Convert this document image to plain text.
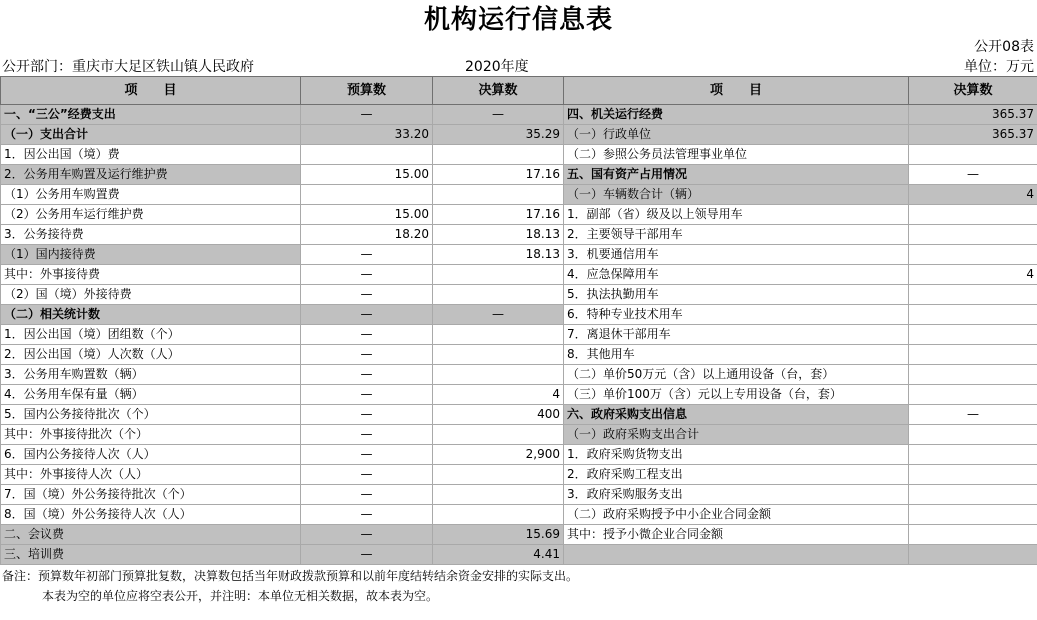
机构运行信息表
公开08表
公开部门：重庆市大足区铁山镇人民政府	2020年度	单位：万元
项　　目	预算数	决算数	项　　目	决算数
一、“三公”经费支出	—	—	四、机关运行经费	365.37
（一）支出合计	33.20	35.29	（一）行政单位	365.37
1．因公出国（境）费			（二）参照公务员法管理事业单位	
2．公务用车购置及运行维护费	15.00	17.16	五、国有资产占用情况	—
（1）公务用车购置费			（一）车辆数合计（辆）	4
（2）公务用车运行维护费	15.00	17.16	1．副部（省）级及以上领导用车	
3．公务接待费	18.20	18.13	2．主要领导干部用车	
（1）国内接待费	—	18.13	3．机要通信用车	
其中：外事接待费	—		4．应急保障用车	4
（2）国（境）外接待费	—		5．执法执勤用车	
（二）相关统计数	—	—	6．特种专业技术用车	
1．因公出国（境）团组数（个）	—		7．离退休干部用车	
2．因公出国（境）人次数（人）	—		8．其他用车	
3．公务用车购置数（辆）	—		（二）单价50万元（含）以上通用设备（台，套）	
4．公务用车保有量（辆）	—	4	（三）单价100万（含）元以上专用设备（台，套）	
5．国内公务接待批次（个）	—	400	六、政府采购支出信息	—
其中：外事接待批次（个）	—		（一）政府采购支出合计	
6．国内公务接待人次（人）	—	2,900	1．政府采购货物支出	
其中：外事接待人次（人）	—		2．政府采购工程支出	
7．国（境）外公务接待批次（个）	—		3．政府采购服务支出	
8．国（境）外公务接待人次（人）	—		（二）政府采购授予中小企业合同金额	
二、会议费	—	15.69	其中：授予小微企业合同金额	
三、培训费	—	4.41		
备注：预算数年初部门预算批复数，决算数包括当年财政拨款预算和以前年度结转结余资金安排的实际支出。
本表为空的单位应将空表公开，并注明：本单位无相关数据，故本表为空。
